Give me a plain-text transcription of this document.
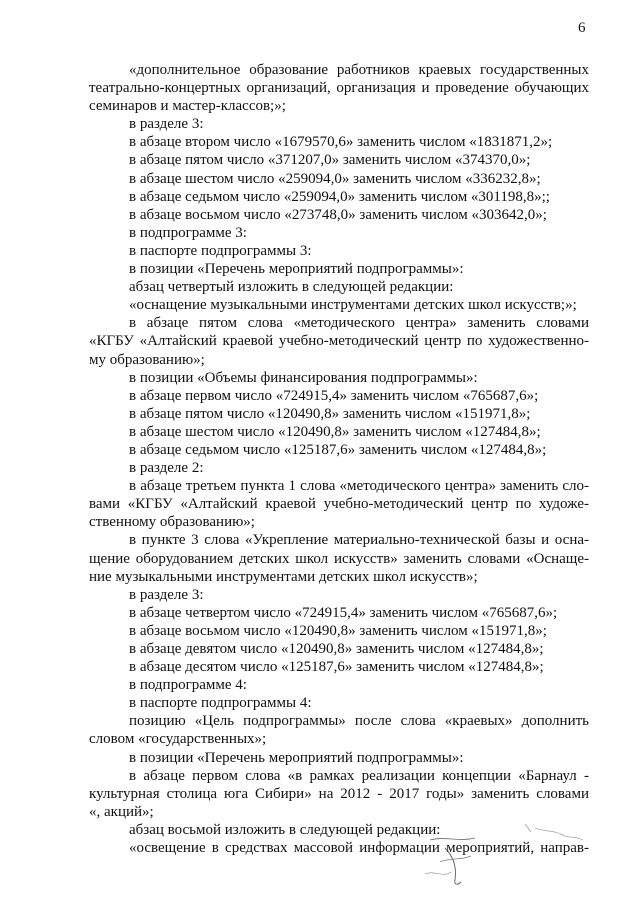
6
«дополнительное образование работников краевых государственных
театрально-концертных организаций, организация и проведение обучающих
семинаров и мастер-классов;»;
в разделе 3:
в абзаце втором число «1679570,6» заменить числом «1831871,2»;
в абзаце пятом число «371207,0» заменить числом «374370,0»;
в абзаце шестом число «259094,0» заменить числом «336232,8»;
в абзаце седьмом число «259094,0» заменить числом «301198,8»;;
в абзаце восьмом число «273748,0» заменить числом «303642,0»;
в подпрограмме 3:
в паспорте подпрограммы 3:
в позиции «Перечень мероприятий подпрограммы»:
абзац четвертый изложить в следующей редакции:
«оснащение музыкальными инструментами детских школ искусств;»;
в абзаце пятом слова «методического центра» заменить словами
«КГБУ «Алтайский краевой учебно-методический центр по художественно-
му образованию»;
в позиции «Объемы финансирования подпрограммы»:
в абзаце первом число «724915,4» заменить числом «765687,6»;
в абзаце пятом число «120490,8» заменить числом «151971,8»;
в абзаце шестом число «120490,8» заменить числом «127484,8»;
в абзаце седьмом число «125187,6» заменить числом «127484,8»;
в разделе 2:
в абзаце третьем пункта 1 слова «методического центра» заменить сло-
вами «КГБУ «Алтайский краевой учебно-методический центр по художе-
ственному образованию»;
в пункте 3 слова «Укрепление материально-технической базы и осна-
щение оборудованием детских школ искусств» заменить словами «Оснаще-
ние музыкальными инструментами детских школ искусств»;
в разделе 3:
в абзаце четвертом число «724915,4» заменить числом «765687,6»;
в абзаце восьмом число «120490,8» заменить числом «151971,8»;
в абзаце девятом число «120490,8» заменить числом «127484,8»;
в абзаце десятом число «125187,6» заменить числом «127484,8»;
в подпрограмме 4:
в паспорте подпрограммы 4:
позицию «Цель подпрограммы» после слова «краевых» дополнить
словом «государственных»;
в позиции «Перечень мероприятий подпрограммы»:
в абзаце первом слова «в рамках реализации концепции «Барнаул -
культурная столица юга Сибири» на 2012 - 2017 годы» заменить словами
«, акций»;
абзац восьмой изложить в следующей редакции:
«освещение в средствах массовой информации мероприятий, направ-
